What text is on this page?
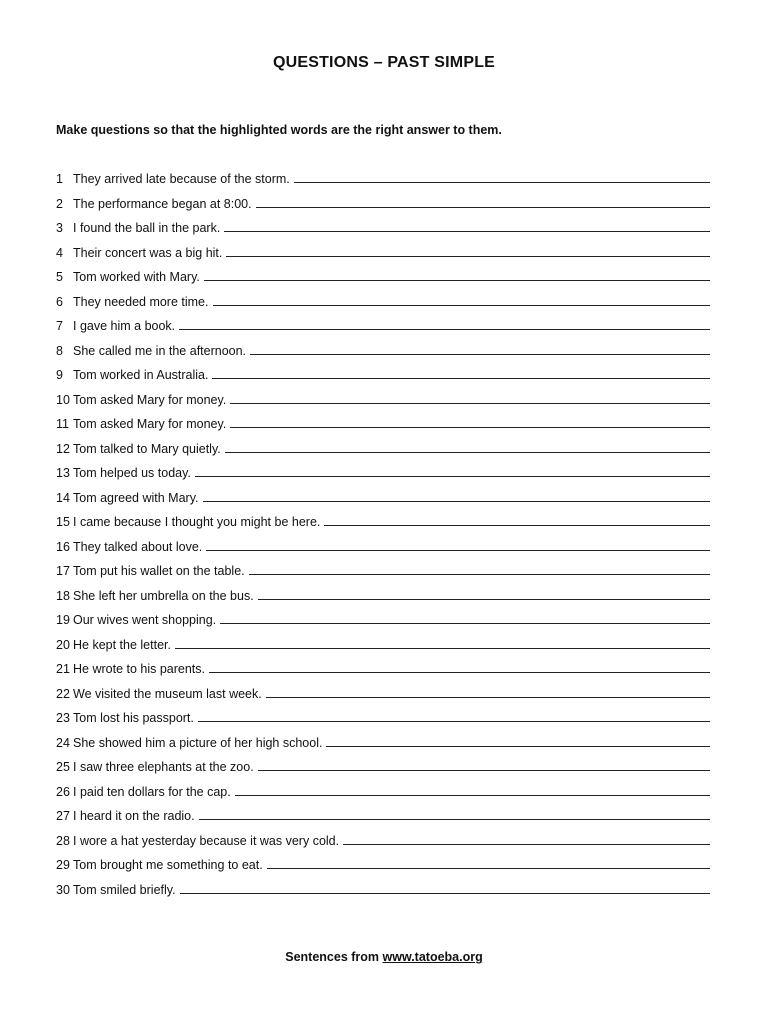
QUESTIONS – PAST SIMPLE
Make questions so that the highlighted words are the right answer to them.
1 They arrived late because of the storm.
2 The performance began at 8:00.
3 I found the ball in the park.
4 Their concert was a big hit.
5 Tom worked with Mary.
6 They needed more time.
7 I gave him a book.
8 She called me in the afternoon.
9 Tom worked in Australia.
10 Tom asked Mary for money.
11 Tom asked Mary for money.
12 Tom talked to Mary quietly.
13 Tom helped us today.
14 Tom agreed with Mary.
15 I came because I thought you might be here.
16 They talked about love.
17 Tom put his wallet on the table.
18 She left her umbrella on the bus.
19 Our wives went shopping.
20 He kept the letter.
21 He wrote to his parents.
22 We visited the museum last week.
23 Tom lost his passport.
24 She showed him a picture of her high school.
25 I saw three elephants at the zoo.
26 I paid ten dollars for the cap.
27 I heard it on the radio.
28 I wore a hat yesterday because it was very cold.
29 Tom brought me something to eat.
30 Tom smiled briefly.
Sentences from www.tatoeba.org
